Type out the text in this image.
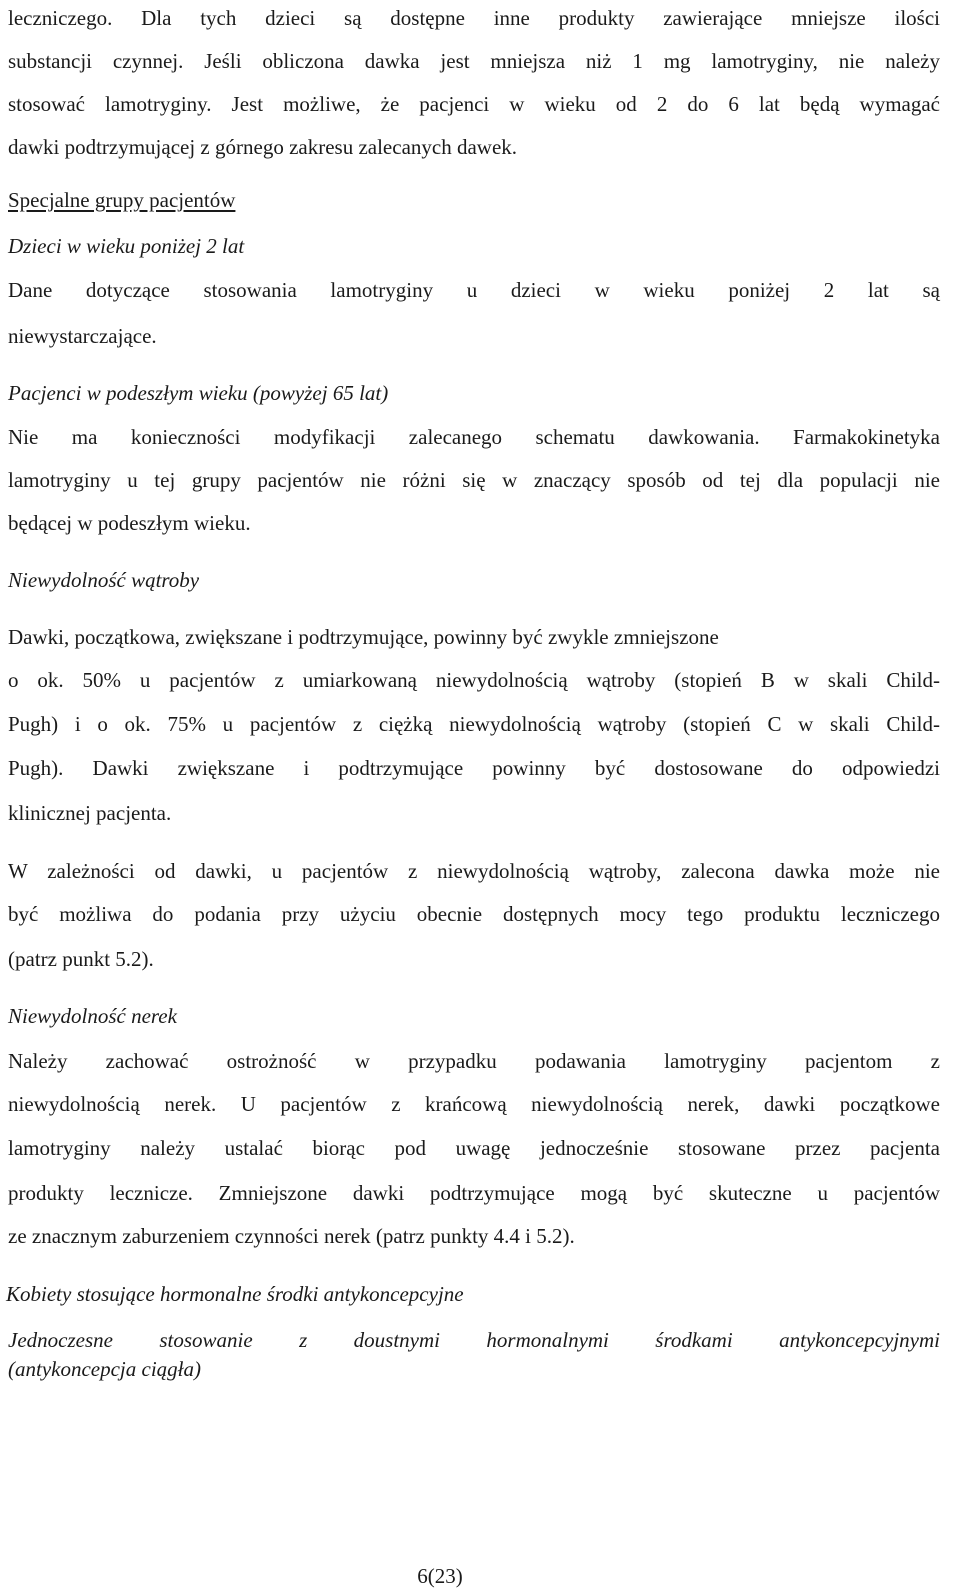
leczniczego. Dla tych dzieci są dostępne inne produkty zawierające mniejsze ilości
substancji czynnej. Jeśli obliczona dawka jest mniejsza niż 1 mg lamotryginy, nie należy
stosować lamotryginy. Jest możliwe, że pacjenci w wieku od 2 do 6 lat będą wymagać
dawki podtrzymującej z górnego zakresu zalecanych dawek.
Specjalne grupy pacjentów
Dzieci w wieku poniżej 2 lat
Dane dotyczące stosowania lamotryginy u dzieci w wieku poniżej 2 lat są
niewystarczające.
Pacjenci w podeszłym wieku (powyżej 65 lat)
Nie ma konieczności modyfikacji zalecanego schematu dawkowania. Farmakokinetyka
lamotryginy u tej grupy pacjentów nie różni się w znaczący sposób od tej dla populacji nie
będącej w podeszłym wieku.
Niewydolność wątroby
Dawki, początkowa, zwiększane i podtrzymujące, powinny być zwykle zmniejszone
o ok. 50% u pacjentów z umiarkowaną niewydolnością wątroby (stopień B w skali Child-
Pugh) i o ok. 75% u pacjentów z ciężką niewydolnością wątroby (stopień C w skali Child-
Pugh). Dawki zwiększane i podtrzymujące powinny być dostosowane do odpowiedzi
klinicznej pacjenta.
W zależności od dawki, u pacjentów z niewydolnością wątroby, zalecona dawka może nie
być możliwa do podania przy użyciu obecnie dostępnych mocy tego produktu leczniczego
(patrz punkt 5.2).
Niewydolność nerek
Należy zachować ostrożność w przypadku podawania lamotryginy pacjentom z
niewydolnością nerek. U pacjentów z krańcową niewydolnością nerek, dawki początkowe
lamotryginy należy ustalać biorąc pod uwagę jednocześnie stosowane przez pacjenta
produkty lecznicze. Zmniejszone dawki podtrzymujące mogą być skuteczne u pacjentów
ze znacznym zaburzeniem czynności nerek (patrz punkty 4.4 i 5.2).
Kobiety stosujące hormonalne środki antykoncepcyjne
Jednoczesne stosowanie z doustnymi hormonalnymi środkami antykoncepcyjnymi
(antykoncepcja ciągła)
6(23)
